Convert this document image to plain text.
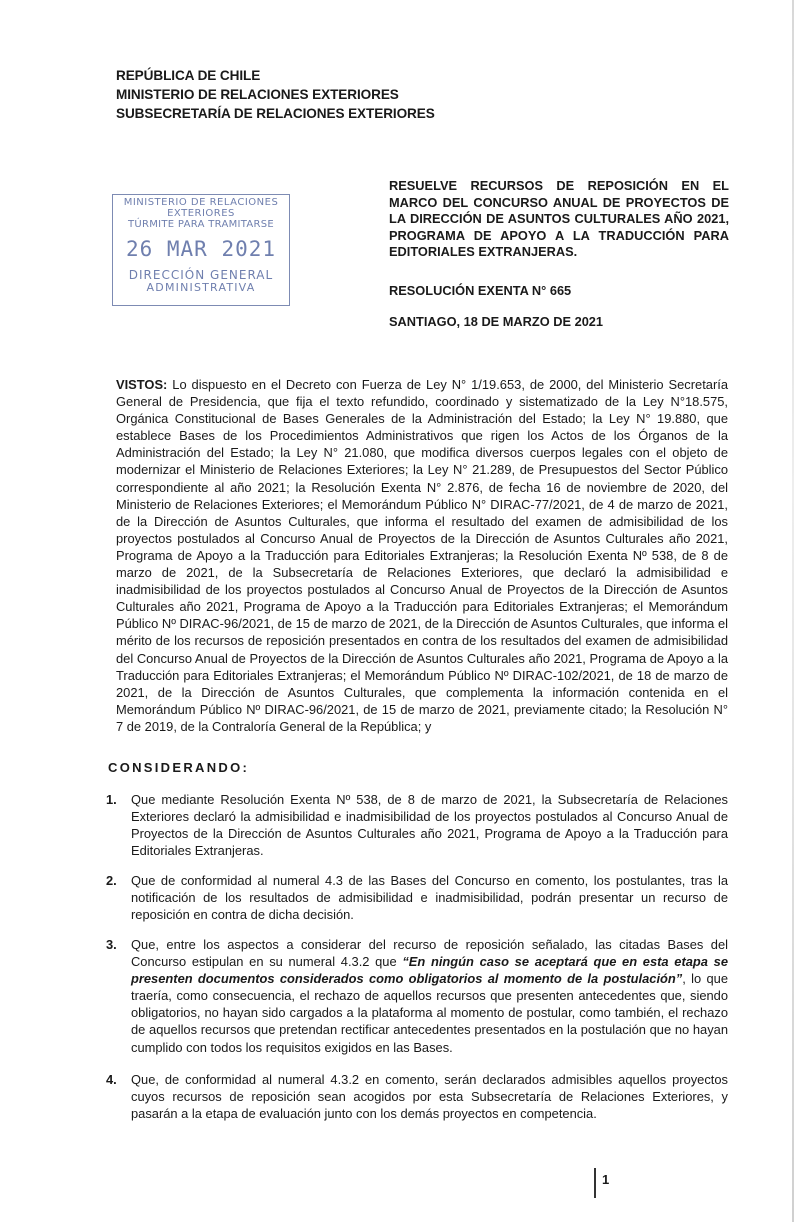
REPÚBLICA DE CHILE
MINISTERIO DE RELACIONES EXTERIORES
SUBSECRETARÍA DE RELACIONES EXTERIORES
MINISTERIO DE RELACIONES
EXTERIORES
TÚRMITE PARA TRAMITARSE
26 MAR 2021
DIRECCIÓN GENERAL
ADMINISTRATIVA
RESUELVE RECURSOS DE REPOSICIÓN EN EL MARCO DEL CONCURSO ANUAL DE PROYECTOS DE LA DIRECCIÓN DE ASUNTOS CULTURALES AÑO 2021, PROGRAMA DE APOYO A LA TRADUCCIÓN PARA EDITORIALES EXTRANJERAS.
RESOLUCIÓN EXENTA N° 665
SANTIAGO, 18 DE MARZO DE 2021
VISTOS: Lo dispuesto en el Decreto con Fuerza de Ley N° 1/19.653, de 2000, del Ministerio Secretaría General de Presidencia, que fija el texto refundido, coordinado y sistematizado de la Ley N°18.575, Orgánica Constitucional de Bases Generales de la Administración del Estado; la Ley N° 19.880, que establece Bases de los Procedimientos Administrativos que rigen los Actos de los Órganos de la Administración del Estado; la Ley N° 21.080, que modifica diversos cuerpos legales con el objeto de modernizar el Ministerio de Relaciones Exteriores; la Ley N° 21.289, de Presupuestos del Sector Público correspondiente al año 2021; la Resolución Exenta N° 2.876, de fecha 16 de noviembre de 2020, del Ministerio de Relaciones Exteriores; el Memorándum Público N° DIRAC-77/2021, de 4 de marzo de 2021, de la Dirección de Asuntos Culturales, que informa el resultado del examen de admisibilidad de los proyectos postulados al Concurso Anual de Proyectos de la Dirección de Asuntos Culturales año 2021, Programa de Apoyo a la Traducción para Editoriales Extranjeras; la Resolución Exenta Nº 538, de 8 de marzo de 2021, de la Subsecretaría de Relaciones Exteriores, que declaró la admisibilidad e inadmisibilidad de los proyectos postulados al Concurso Anual de Proyectos de la Dirección de Asuntos Culturales año 2021, Programa de Apoyo a la Traducción para Editoriales Extranjeras; el Memorándum Público Nº DIRAC-96/2021, de 15 de marzo de 2021, de la Dirección de Asuntos Culturales, que informa el mérito de los recursos de reposición presentados en contra de los resultados del examen de admisibilidad del Concurso Anual de Proyectos de la Dirección de Asuntos Culturales año 2021, Programa de Apoyo a la Traducción para Editoriales Extranjeras; el Memorándum Público Nº DIRAC-102/2021, de 18 de marzo de 2021, de la Dirección de Asuntos Culturales, que complementa la información contenida en el Memorándum Público Nº DIRAC-96/2021, de 15 de marzo de 2021, previamente citado; la Resolución N° 7 de 2019, de la Contraloría General de la República; y
CONSIDERANDO:
1.	Que mediante Resolución Exenta Nº 538, de 8 de marzo de 2021, la Subsecretaría de Relaciones Exteriores declaró la admisibilidad e inadmisibilidad de los proyectos postulados al Concurso Anual de Proyectos de la Dirección de Asuntos Culturales año 2021, Programa de Apoyo a la Traducción para Editoriales Extranjeras.
2.	Que de conformidad al numeral 4.3 de las Bases del Concurso en comento, los postulantes, tras la notificación de los resultados de admisibilidad e inadmisibilidad, podrán presentar un recurso de reposición en contra de dicha decisión.
3.	Que, entre los aspectos a considerar del recurso de reposición señalado, las citadas Bases del Concurso estipulan en su numeral 4.3.2 que “En ningún caso se aceptará que en esta etapa se presenten documentos considerados como obligatorios al momento de la postulación”, lo que traería, como consecuencia, el rechazo de aquellos recursos que presenten antecedentes que, siendo obligatorios, no hayan sido cargados a la plataforma al momento de postular, como también, el rechazo de aquellos recursos que pretendan rectificar antecedentes presentados en la postulación que no hayan cumplido con todos los requisitos exigidos en las Bases.
4.	Que, de conformidad al numeral 4.3.2 en comento, serán declarados admisibles aquellos proyectos cuyos recursos de reposición sean acogidos por esta Subsecretaría de Relaciones Exteriores, y pasarán a la etapa de evaluación junto con los demás proyectos en competencia.
1
